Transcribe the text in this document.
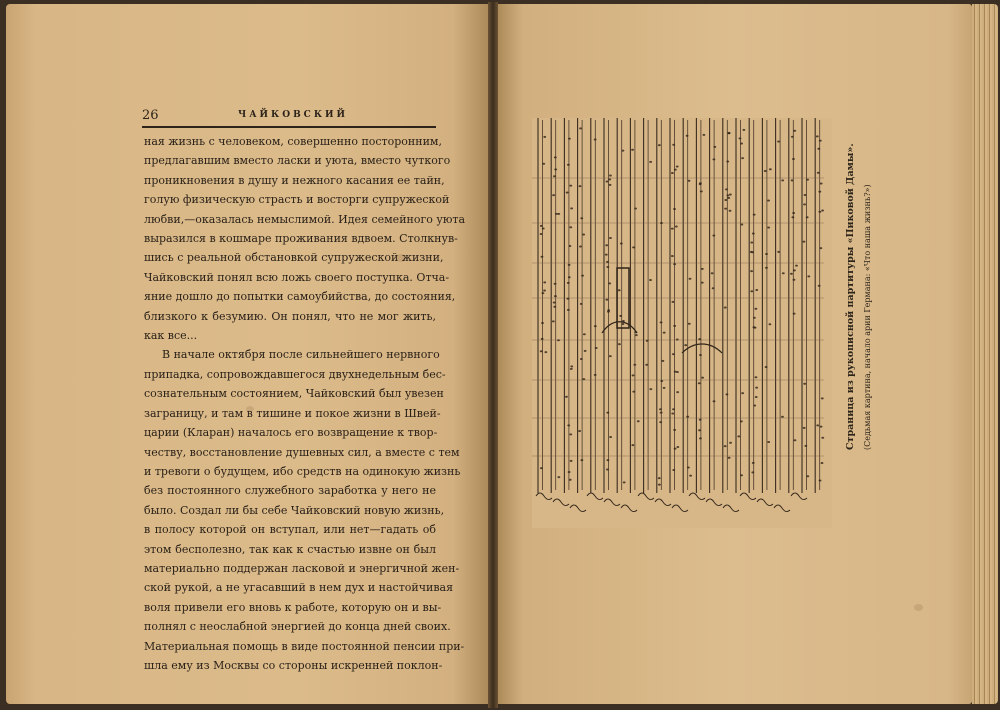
26	ЧАЙКОВСКИЙ
ная жизнь с человеком, совершенно посторонним,
предлагавшим вместо ласки и уюта, вместо чуткого
проникновения в душу и нежного касания ее тайн,
голую физическую страсть и восторги супружеской
любви,—оказалась немыслимой. Идея семейного уюта
выразился в кошмаре проживания вдвоем. Столкнув-
шись с реальной обстановкой супружеской жизни,
Чайковский понял всю ложь своего поступка. Отча-
яние дошло до попытки самоубийства, до состояния,
близкого к безумию. Он понял, что не мог жить,
как все...
В начале октября после сильнейшего нервного
припадка, сопровождавшегося двухнедельным бес-
сознательным состоянием, Чайковский был увезен
заграницу, и там в тишине и покое жизни в Швей-
царии (Кларан) началось его возвращение к твор-
честву, восстановление душевных сил, а вместе с тем
и тревоги о будущем, ибо средств на одинокую жизнь
без постоянного служебного заработка у него не
было. Создал ли бы себе Чайковский новую жизнь,
в полосу которой он вступал, или нет—гадать об
этом бесполезно, так как к счастью извне он был
материально поддержан ласковой и энергичной жен-
ской рукой, а не угасавший в нем дух и настойчивая
воля привели его вновь к работе, которую он и вы-
полнял с неослабной энергией до конца дней своих.
Материальная помощь в виде постоянной пенсии при-
шла ему из Москвы со стороны искренней поклон-
Страница из рукописной партитуры «Пиковой Дамы». (Седьмая картина, начало арии Германа: «Что наша жизнь?»)
